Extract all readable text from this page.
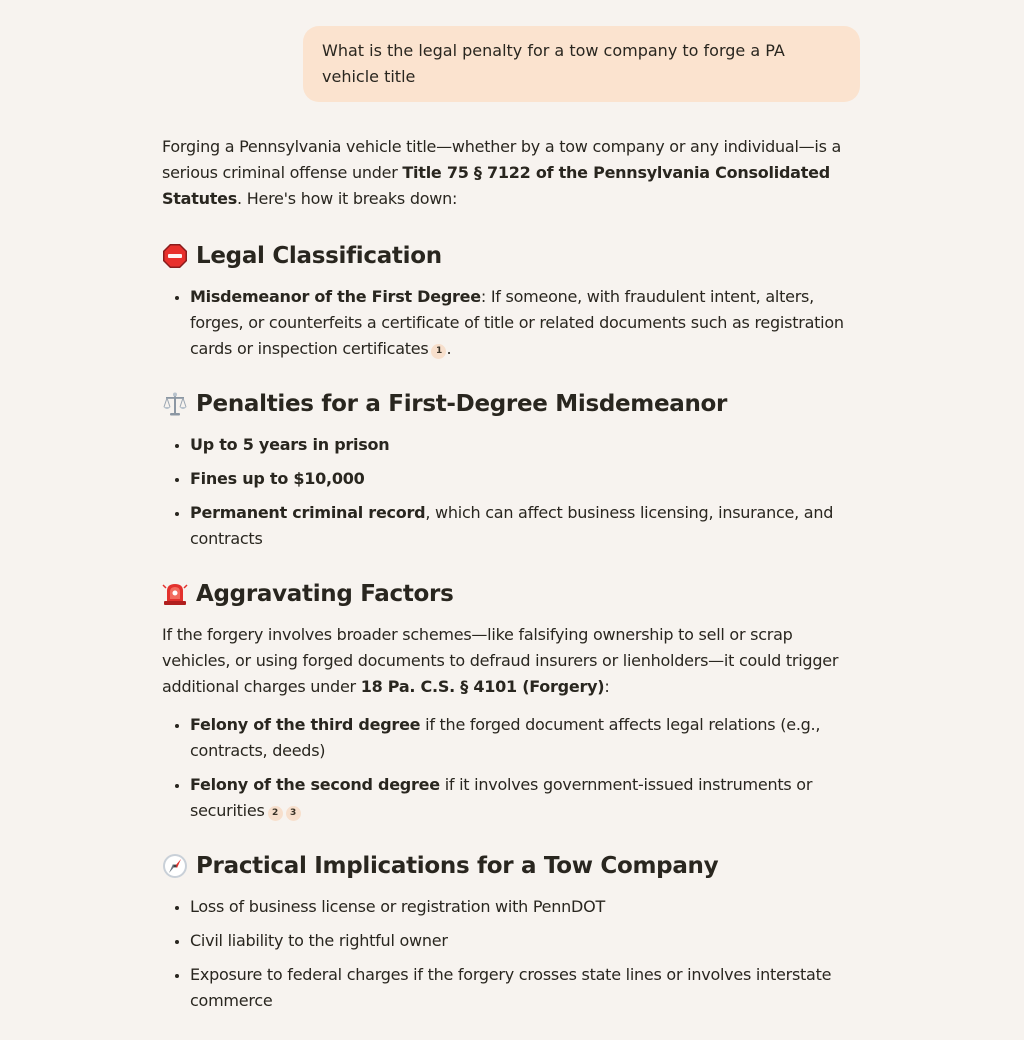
What is the legal penalty for a tow company to forge a PA vehicle title

Forging a Pennsylvania vehicle title—whether by a tow company or any individual—is a serious criminal offense under Title 75 § 7122 of the Pennsylvania Consolidated Statutes. Here's how it breaks down:

Legal Classification
• Misdemeanor of the First Degree: If someone, with fraudulent intent, alters, forges, or counterfeits a certificate of title or related documents such as registration cards or inspection certificates 1 .
Penalties for a First-Degree Misdemeanor
• Up to 5 years in prison
• Fines up to $10,000
• Permanent criminal record, which can affect business licensing, insurance, and contracts
Aggravating Factors

If the forgery involves broader schemes—like falsifying ownership to sell or scrap vehicles, or using forged documents to defraud insurers or lienholders—it could trigger additional charges under 18 Pa. C.S. § 4101 (Forgery):

• Felony of the third degree if the forged document affects legal relations (e.g., contracts, deeds)
• Felony of the second degree if it involves government-issued instruments or securities 2 3
Practical Implications for a Tow Company
• Loss of business license or registration with PennDOT
• Civil liability to the rightful owner
• Exposure to federal charges if the forgery crosses state lines or involves interstate commerce
